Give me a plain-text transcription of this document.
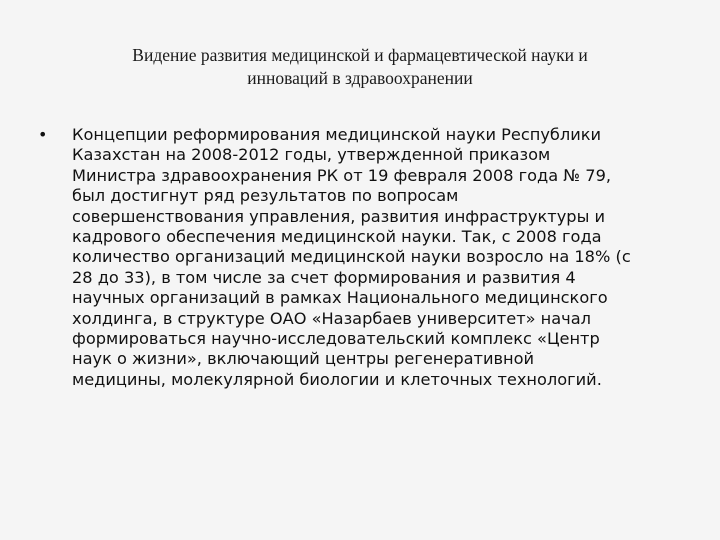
Видение развития медицинской и фармацевтической науки и
инноваций в здравоохранении
• Концепции реформирования медицинской науки Республики
Казахстан на 2008-2012 годы, утвержденной приказом
Министра здравоохранения РК от 19 февраля 2008 года № 79,
был достигнут ряд результатов по вопросам
совершенствования управления, развития инфраструктуры и
кадрового обеспечения медицинской науки. Так, с 2008 года
количество организаций медицинской науки возросло на 18% (с
28 до 33), в том числе за счет формирования и развития 4
научных организаций в рамках Национального медицинского
холдинга, в структуре ОАО «Назарбаев университет» начал
формироваться научно-исследовательский комплекс «Центр
наук о жизни», включающий центры регенеративной
медицины, молекулярной биологии и клеточных технологий.
